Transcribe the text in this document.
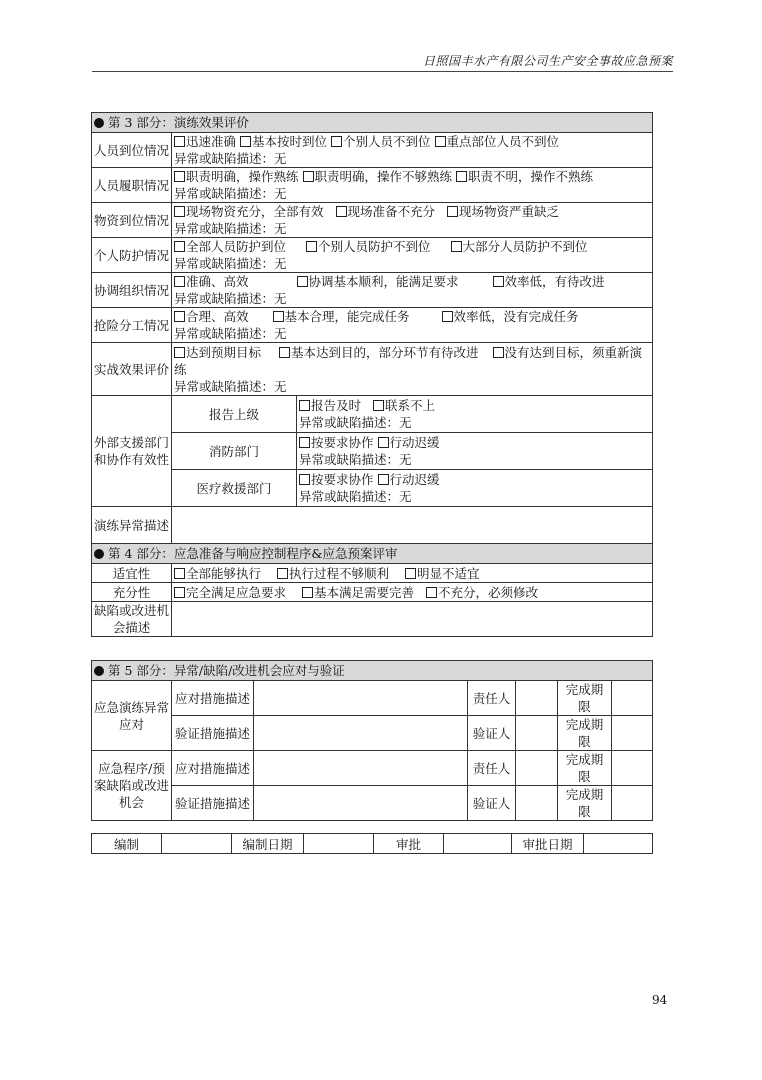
日照国丰水产有限公司生产安全事故应急预案
第 3 部分：演练效果评价		
人员到位情况	迅速准确 基本按时到位 个别人员不到位 重点部位人员不到位
异常或缺陷描述：无	

人员履职情况	职责明确，操作熟练 职责明确，操作不够熟练 职责不明，操作不熟练
异常或缺陷描述：无	

物资到位情况	现场物资充分，全部有效 现场准备不充分 现场物资严重缺乏
异常或缺陷描述：无	

个人防护情况	全部人员防护到位 个别人员防护不到位 大部分人员防护不到位
异常或缺陷描述：无	

协调组织情况	准确、高效 协调基本顺利，能满足要求 效率低，有待改进
异常或缺陷描述：无	

抢险分工情况	合理、高效 基本合理，能完成任务 效率低，没有完成任务
异常或缺陷描述：无	

实战效果评价	达到预期目标 基本达到目的，部分环节有待改进 没有达到目标，须重新演练
异常或缺陷描述：无	

外部支援部门和协作有效性	报告上级	报告及时 联系不上
异常或缺陷描述：无

	消防部门	按要求协作 行动迟缓
异常或缺陷描述：无

	医疗救援部门	按要求协作 行动迟缓
异常或缺陷描述：无

演练异常描述		
第 4 部分：应急准备与响应控制程序&应急预案评审		
适宜性	全部能够执行 执行过程不够顺利 明显不适宜	

充分性	完全满足应急要求 基本满足需要完善 不充分，必须修改	

缺陷或改进机会描述		
第 5 部分：异常/缺陷/改进机会应对与验证						
应急演练异常应对	应对措施描述		责任人		完成期限	
	验证措施描述		验证人		完成期限	
应急程序/预案缺陷或改进机会	应对措施描述		责任人		完成期限	
	验证措施描述		验证人		完成期限	
编制		编制日期		审批		审批日期	
94
